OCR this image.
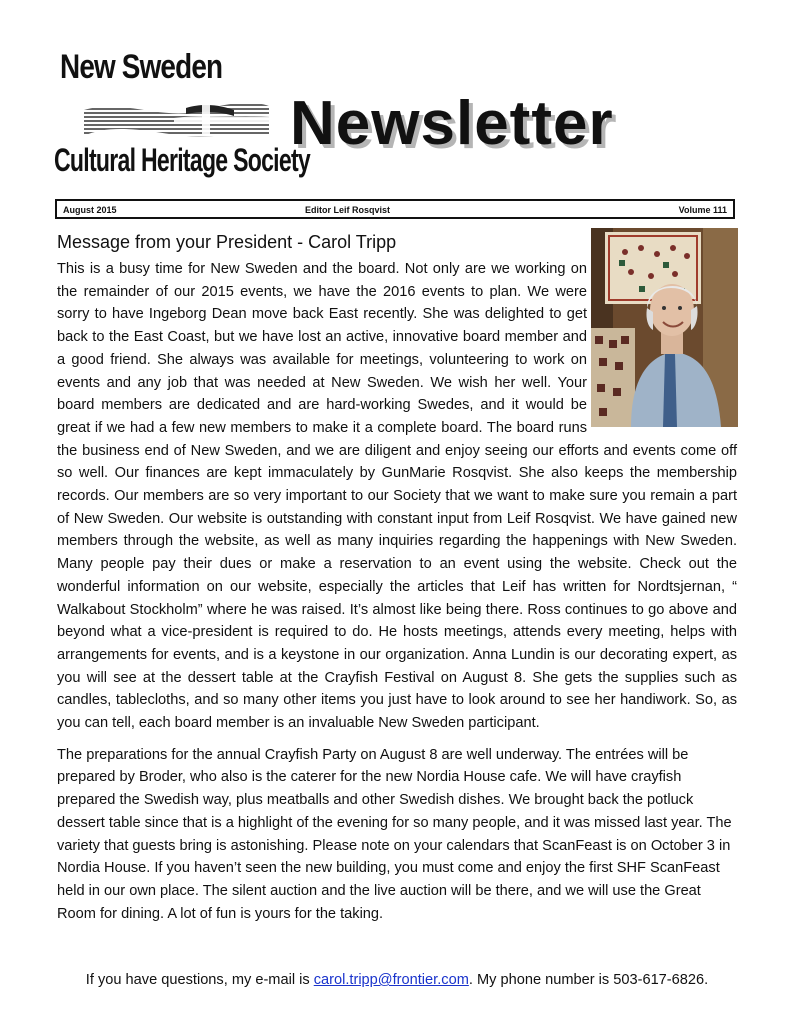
New Sweden
Cultural Heritage Society
Newsletter
August 2015	Editor Leif Rosqvist	Volume 111
Message from your President - Carol Tripp

This is a busy time for New Sweden and the board. Not only are we working on the remainder of our 2015 events, we have the 2016 events to plan. We were sorry to have Ingeborg Dean move back East recently. She was delighted to get back to the East Coast, but we have lost an active, innovative board member and a good friend. She always was available for meetings, volunteering to work on events and any job that was needed at New Sweden. We wish her well. Your board members are dedicated and are hard-working Swedes, and it would be great if we had a few new members to make it a complete board. The board runs the business end of New Sweden, and we are diligent and enjoy seeing our efforts and events come off so well. Our finances are kept immaculately by GunMarie Rosqvist. She also keeps the membership records. Our members are so very important to our Society that we want to make sure you remain a part of New Sweden. Our website is outstanding with constant input from Leif Rosqvist. We have gained new members through the website, as well as many inquiries regarding the happenings with New Sweden. Many people pay their dues or make a reservation to an event using the website. Check out the wonderful information on our website, especially the articles that Leif has written for Nordtsjernan, “ Walkabout Stockholm” where he was raised. It’s almost like being there. Ross continues to go above and beyond what a vice-president is required to do. He hosts meetings, attends every meeting, helps with arrangements for events, and is a keystone in our organization. Anna Lundin is our decorating expert, as you will see at the dessert table at the Crayfish Festival on August 8. She gets the supplies such as candles, tablecloths, and so many other items you just have to look around to see her handiwork. So, as you can tell, each board member is an invaluable New Sweden participant.

The preparations for the annual Crayfish Party on August 8 are well underway. The entrées will be prepared by Broder, who also is the caterer for the new Nordia House cafe. We will have crayfish prepared the Swedish way, plus meatballs and other Swedish dishes. We brought back the potluck dessert table since that is a highlight of the evening for so many people, and it was missed last year. The variety that guests bring is astonishing. Please note on your calendars that ScanFeast is on October 3 in Nordia House. If you haven’t seen the new building, you must come and enjoy the first SHF ScanFeast held in our own place. The silent auction and the live auction will be there, and we will use the Great Room for dining. A lot of fun is yours for the taking.

If you have questions, my e-mail is carol.tripp@frontier.com. My phone number is 503-617-6826.
